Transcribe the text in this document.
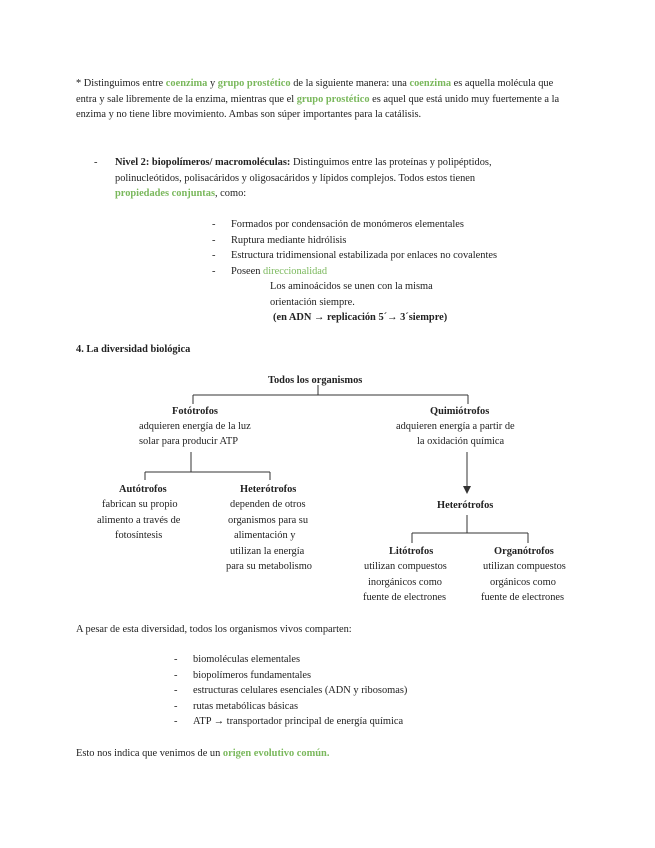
* Distinguimos entre coenzima y grupo prostético de la siguiente manera: una coenzima es aquella molécula que entra y sale libremente de la enzima, mientras que el grupo prostético es aquel que está unido muy fuertemente a la enzima y no tiene libre movimiento. Ambas son súper importantes para la catálisis.
- Nivel 2: biopolímeros/ macromoléculas: Distinguimos entre las proteínas y polipéptidos,
polinucleótidos, polisacáridos y oligosacáridos y lípidos complejos. Todos estos tienen
propiedades conjuntas, como:
- Formados por condensación de monómeros elementales
- Ruptura mediante hidrólisis
- Estructura tridimensional estabilizada por enlaces no covalentes
- Poseen direccionalidad
Los aminoácidos se unen con la misma
orientación siempre.
(en ADN → replicación 5´→ 3´siempre)
4. La diversidad biológica
Todos los organismos
Fotótrofos
adquieren energía de la luz
solar para producir ATP
Quimiótrofos
adquieren energía a partir de
la oxidación química
Autótrofos
fabrican su propio
alimento a través de
fotosíntesis
Heterótrofos
dependen de otros
organismos para su
alimentación y
utilizan la energía
para su metabolismo
Heterótrofos
Litótrofos
utilizan compuestos
inorgánicos como
fuente de electrones
Organótrofos
utilizan compuestos
orgánicos como
fuente de electrones
A pesar de esta diversidad, todos los organismos vivos comparten:
- biomoléculas elementales
- biopolímeros fundamentales
- estructuras celulares esenciales (ADN y ribosomas)
- rutas metabólicas básicas
- ATP → transportador principal de energía química
Esto nos indica que venimos de un origen evolutivo común.
